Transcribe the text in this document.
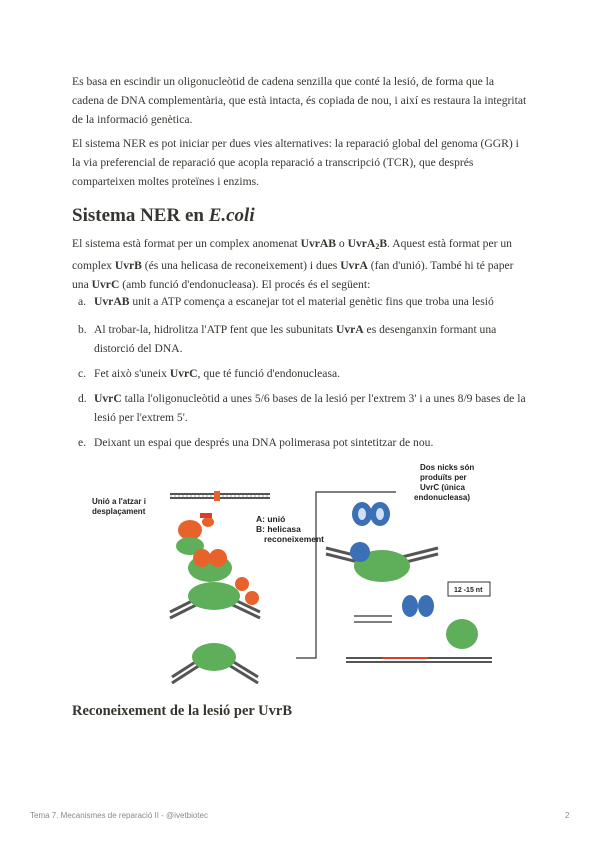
Es basa en escindir un oligonucleòtid de cadena senzilla que conté la lesió, de forma que la cadena de DNA complementària, que està intacta, és copiada de nou, i així es restaura la integritat de la informació genètica.

El sistema NER es pot iniciar per dues vies alternatives: la reparació global del genoma (GGR) i la via preferencial de reparació que acopla reparació a transcripció (TCR), que després comparteixen moltes proteïnes i enzims.

Sistema NER en E.coli

El sistema està format per un complex anomenat UvrAB o UvrA$_2$B. Aquest està format per un complex UvrB (és una helicasa de reconeixement) i dues UvrA (fan d'unió). També hi té paper una UvrC (amb funció d'endonucleasa). El procés és el següent:

a. UvrAB unit a ATP comença a escanejar tot el material genètic fins que troba una lesió
b. Al trobar-la, hidrolitza l'ATP fent que les subunitats UvrA es desenganxin formant una distorció del DNA.
c. Fet això s'uneix UvrC, que té funció d'endonucleasa.
d. UvrC talla l'oligonucleòtid a unes 5/6 bases de la lesió per l'extrem 3' i a unes 8/9 bases de la lesió per l'extrem 5'.
e. Deixant un espai que després una DNA polimerasa pot sintetitzar de nou.
Unió a l'atzar i
desplaçament
A: unió
B: helicasa
reconeixement
Dos nicks són
produïts per
UvrC (única
endonucleasa)
12 -15 nt
Reconeixement de la lesió per UvrB
Tema 7. Mecanismes de reparació II - @ivetbiotec	2
